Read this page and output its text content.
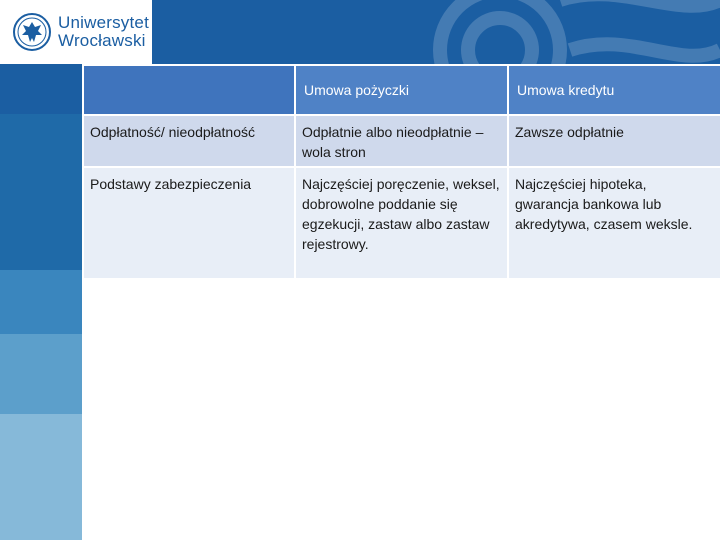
Uniwersytet
Wrocławski
	Umowa pożyczki	Umowa kredytu
Odpłatność/ nieodpłatność	Odpłatnie albo nieodpłatnie – wola stron	Zawsze odpłatnie
Podstawy zabezpieczenia	Najczęściej poręczenie, weksel, dobrowolne poddanie się egzekucji, zastaw albo zastaw rejestrowy.	Najczęściej hipoteka, gwarancja bankowa lub akredytywa, czasem weksle.
